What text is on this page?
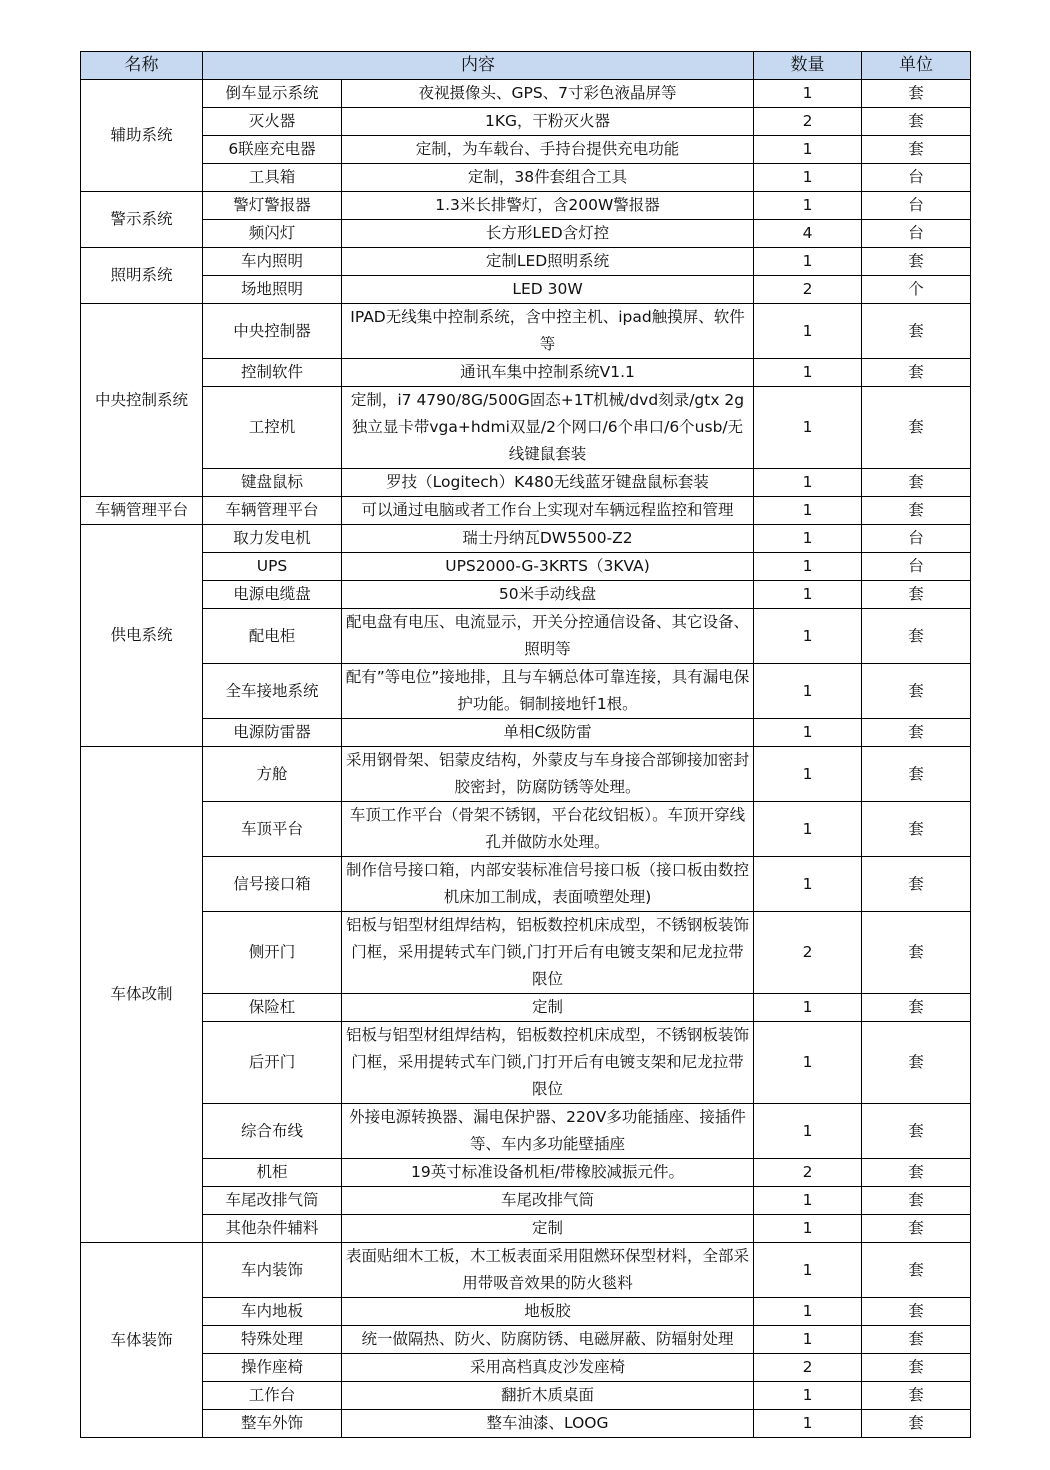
名称	内容		数量	单位
辅助系统	倒车显示系统	夜视摄像头、GPS、7寸彩色液晶屏等	1	套
	灭火器	1KG，干粉灭火器	2	套
	6联座充电器	定制，为车载台、手持台提供充电功能	1	套
	工具箱	定制，38件套组合工具	1	台
警示系统	警灯警报器	1.3米长排警灯，含200W警报器	1	台
	频闪灯	长方形LED含灯控	4	台
照明系统	车内照明	定制LED照明系统	1	套
	场地照明	LED 30W	2	个
中央控制系统	中央控制器	IPAD无线集中控制系统，含中控主机、ipad触摸屏、软件等	1	套
	控制软件	通讯车集中控制系统V1.1	1	套
	工控机	定制，i7 4790/8G/500G固态+1T机械/dvd刻录/gtx 2g独立显卡带vga+hdmi双显/2个网口/6个串口/6个usb/无线键鼠套装	1	套
	键盘鼠标	罗技（Logitech）K480无线蓝牙键盘鼠标套装	1	套
车辆管理平台	车辆管理平台	可以通过电脑或者工作台上实现对车辆远程监控和管理	1	套
供电系统	取力发电机	瑞士丹纳瓦DW5500-Z2	1	台
	UPS	UPS2000-G-3KRTS（3KVA)	1	台
	电源电缆盘	50米手动线盘	1	套
	配电柜	配电盘有电压、电流显示，开关分控通信设备、其它设备、照明等	1	套
	全车接地系统	配有”等电位”接地排，且与车辆总体可靠连接，具有漏电保护功能。铜制接地钎1根。	1	套
	电源防雷器	单相C级防雷	1	套
车体改制	方舱	采用钢骨架、铝蒙皮结构，外蒙皮与车身接合部铆接加密封胶密封，防腐防锈等处理。	1	套
	车顶平台	车顶工作平台（骨架不锈钢，平台花纹铝板）。车顶开穿线孔并做防水处理。	1	套
	信号接口箱	制作信号接口箱，内部安装标准信号接口板（接口板由数控机床加工制成，表面喷塑处理)	1	套
	侧开门	铝板与铝型材组焊结构，铝板数控机床成型，不锈钢板装饰门框，采用提转式车门锁,门打开后有电镀支架和尼龙拉带限位	2	套
	保险杠	定制	1	套
	后开门	铝板与铝型材组焊结构，铝板数控机床成型，不锈钢板装饰门框，采用提转式车门锁,门打开后有电镀支架和尼龙拉带限位	1	套
	综合布线	外接电源转换器、漏电保护器、220V多功能插座、接插件等、车内多功能壁插座	1	套
	机柜	19英寸标准设备机柜/带橡胶减振元件。	2	套
	车尾改排气筒	车尾改排气筒	1	套
	其他杂件辅料	定制	1	套
车体装饰	车内装饰	表面贴细木工板，木工板表面采用阻燃环保型材料，全部采用带吸音效果的防火毯料	1	套
	车内地板	地板胶	1	套
	特殊处理	统一做隔热、防火、防腐防锈、电磁屏蔽、防辐射处理	1	套
	操作座椅	采用高档真皮沙发座椅	2	套
	工作台	翻折木质桌面	1	套
	整车外饰	整车油漆、LOOG	1	套
